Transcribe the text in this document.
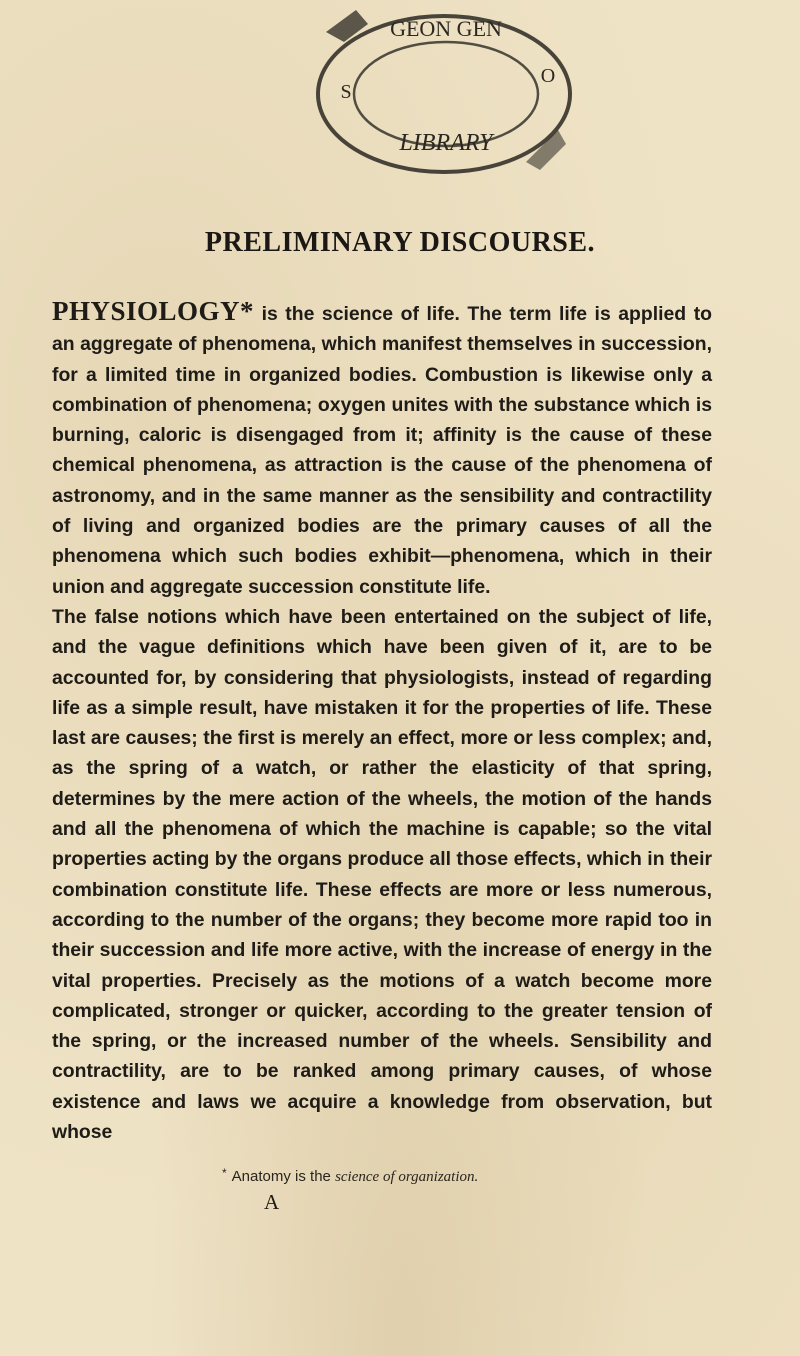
GEON GEN
LIBRARY
S
O
PRELIMINARY DISCOURSE.

PHYSIOLOGY* is the science of life. The term life is applied to an aggregate of phenomena, which manifest themselves in succession, for a limited time in organized bodies. Combustion is likewise only a combination of phenomena; oxygen unites with the substance which is burning, caloric is disengaged from it; affinity is the cause of these chemical phenomena, as attraction is the cause of the phenomena of astronomy, and in the same manner as the sensibility and contractility of living and organized bodies are the primary causes of all the phenomena which such bodies exhibit—phenomena, which in their union and aggregate succession constitute life.

The false notions which have been entertained on the subject of life, and the vague definitions which have been given of it, are to be accounted for, by considering that physiologists, instead of regarding life as a simple result, have mistaken it for the properties of life. These last are causes; the first is merely an effect, more or less complex; and, as the spring of a watch, or rather the elasticity of that spring, determines by the mere action of the wheels, the motion of the hands and all the phenomena of which the machine is capable; so the vital properties acting by the organs produce all those effects, which in their combination constitute life. These effects are more or less numerous, according to the number of the organs; they become more rapid too in their succession and life more active, with the increase of energy in the vital properties. Precisely as the motions of a watch become more complicated, stronger or quicker, according to the greater tension of the spring, or the increased number of the wheels. Sensibility and contractility, are to be ranked among primary causes, of whose existence and laws we acquire a knowledge from observation, but whose

* Anatomy is the science of organization.
A
